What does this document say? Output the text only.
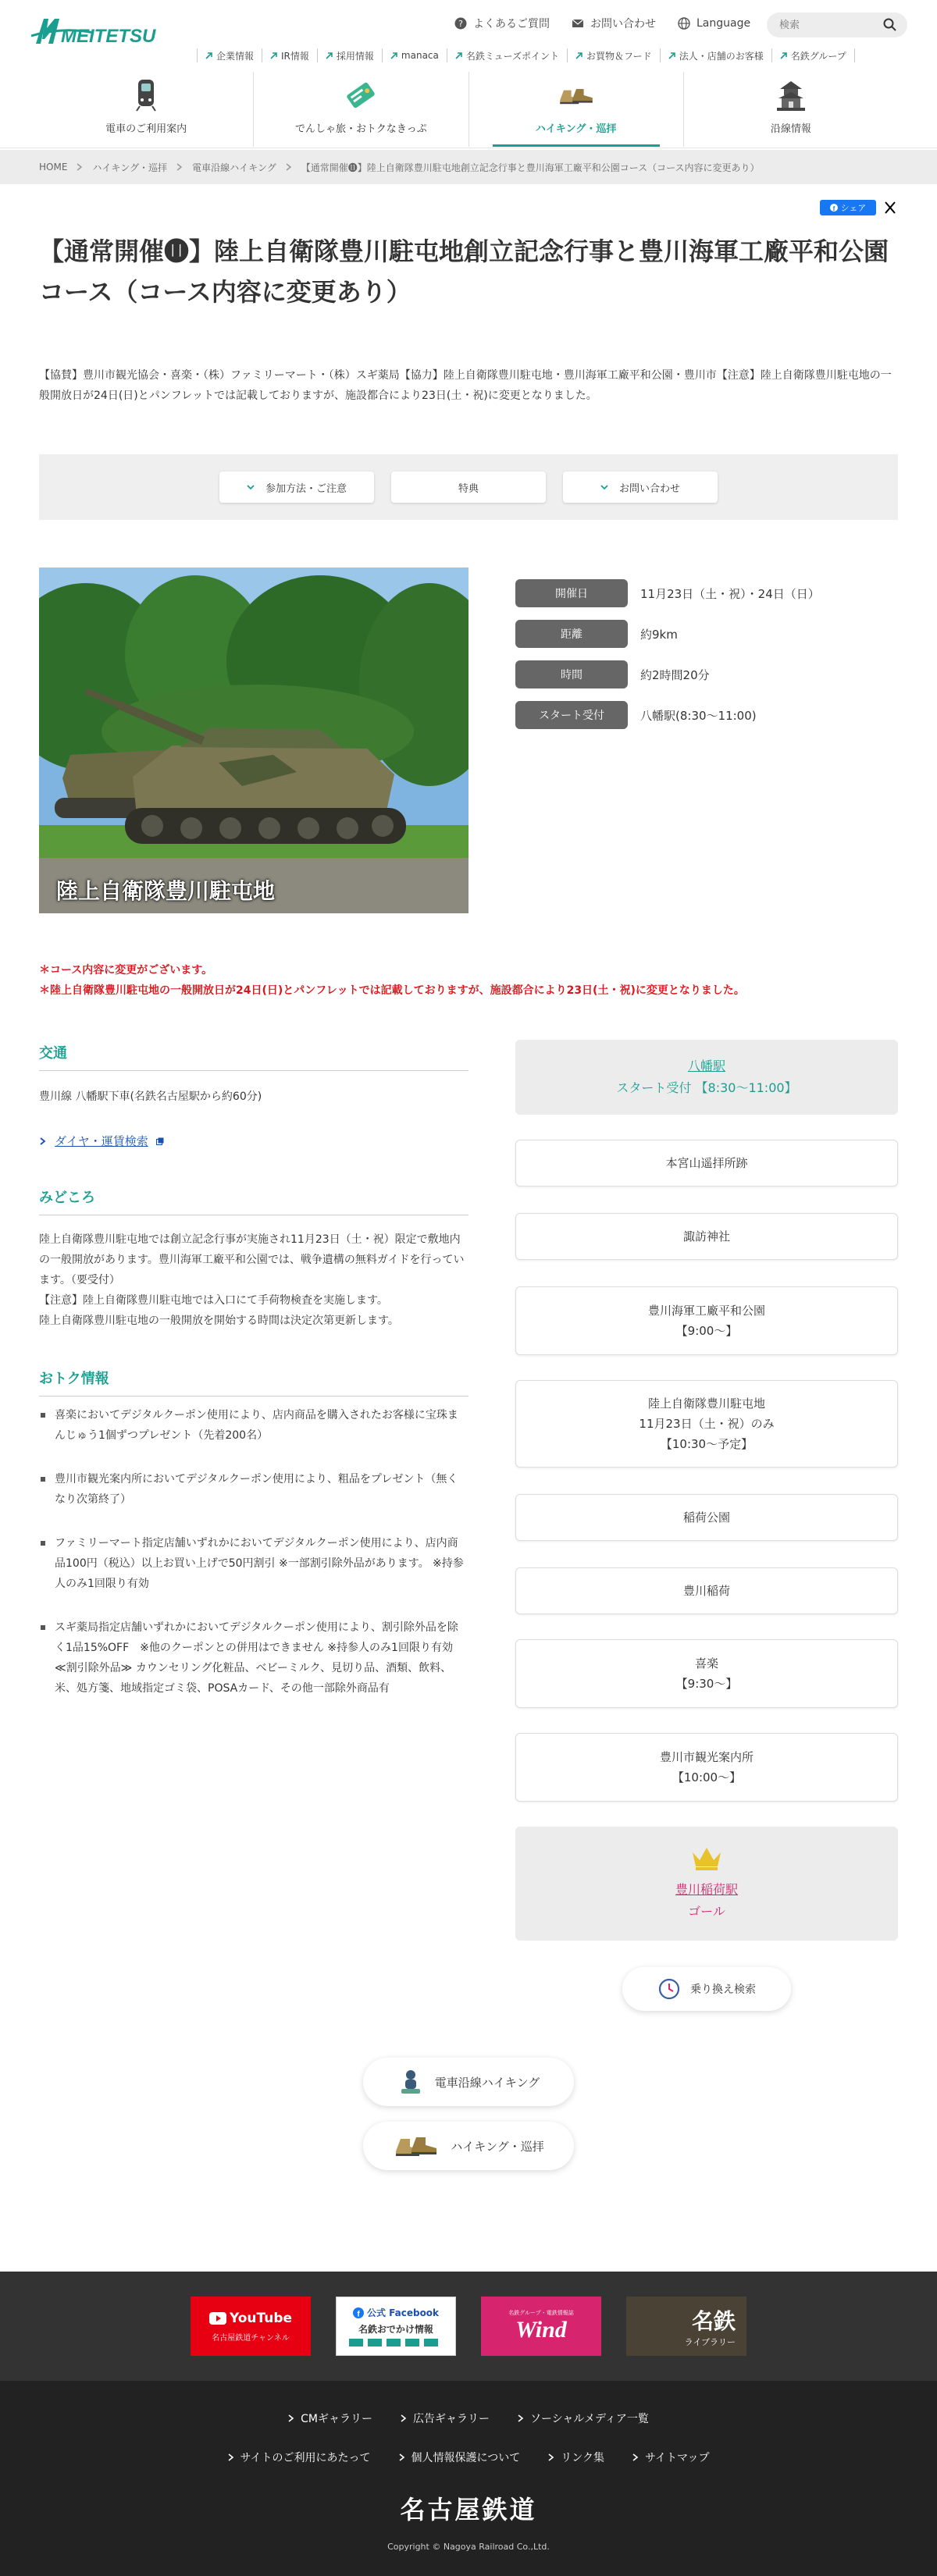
MEITETSU
? よくあるご質問	お問い合わせ	Language
検索
企業情報	IR情報	採用情報	manaca	名鉄ミューズポイント	お買物＆フード	法人・店舗のお客様	名鉄グループ
電車のご利用案内	でんしゃ旅・おトクなきっぷ	ハイキング・巡拝	沿線情報
HOME	ハイキング・巡拝	電車沿線ハイキング	【通常開催⓫】陸上自衛隊豊川駐屯地創立記念行事と豊川海軍工廠平和公園コース（コース内容に変更あり）
f シェア
【通常開催⓫】陸上自衛隊豊川駐屯地創立記念行事と豊川海軍工廠平和公園コース（コース内容に変更あり）

【協賛】豊川市観光協会・喜楽・（株）ファミリーマート・（株）スギ薬局【協力】陸上自衛隊豊川駐屯地・豊川海軍工廠平和公園・豊川市【注意】陸上自衛隊豊川駐屯地の一般開放日が24日(日)とパンフレットでは記載しておりますが、施設都合により23日(土・祝)に変更となりました。

参加方法・ご注意	特典	お問い合わせ
陸上自衛隊豊川駐屯地
開催日	11月23日（土・祝）・24日（日）
距離	約9km
時間	約2時間20分
スタート受付	八幡駅(8:30〜11:00)
＊コース内容に変更がございます。
＊陸上自衛隊豊川駐屯地の一般開放日が24日(日)とパンフレットでは記載しておりますが、施設都合により23日(土・祝)に変更となりました。
交通

豊川線 八幡駅下車(名鉄名古屋駅から約60分)

ダイヤ・運賃検索
みどころ

陸上自衛隊豊川駐屯地では創立記念行事が実施され11月23日（土・祝）限定で敷地内の一般開放があります。豊川海軍工廠平和公園では、戦争遺構の無料ガイドを行っています。（要受付）

【注意】陸上自衛隊豊川駐屯地では入口にて手荷物検査を実施します。

陸上自衛隊豊川駐屯地の一般開放を開始する時間は決定次第更新します。

おトク情報
喜楽においてデジタルクーポン使用により、店内商品を購入されたお客様に宝珠まんじゅう1個ずつプレゼント（先着200名）
豊川市観光案内所においてデジタルクーポン使用により、粗品をプレゼント（無くなり次第終了）
ファミリーマート指定店舗いずれかにおいてデジタルクーポン使用により、店内商品100円（税込）以上お買い上げで50円割引 ※一部割引除外品があります。 ※持参人のみ1回限り有効
スギ薬局指定店舗いずれかにおいてデジタルクーポン使用により、割引除外品を除く1品15%OFF　※他のクーポンとの併用はできません ※持参人のみ1回限り有効　≪割引除外品≫ カウンセリング化粧品、ベビーミルク、見切り品、酒類、飲料、米、処方箋、地域指定ゴミ袋、POSAカード、その他一部除外商品有
八幡駅
スタート受付 【8:30〜11:00】
本宮山遥拝所跡
諏訪神社
豊川海軍工廠平和公園
【9:00〜】
陸上自衛隊豊川駐屯地
11月23日（土・祝）のみ
【10:30〜予定】
稲荷公園
豊川稲荷
喜楽
【9:30〜】
豊川市観光案内所
【10:00〜】
豊川稲荷駅
ゴール
乗り換え検索
電車沿線ハイキング
ハイキング・巡拝
YouTube
名古屋鉄道チャンネル
f 公式 Facebook
名鉄おでかけ情報
名鉄グループ・電鉄情報誌
Wind	名鉄
ライブラリー
CMギャラリー	広告ギャラリー	ソーシャルメディア一覧
サイトのご利用にあたって	個人情報保護について	リンク集	サイトマップ
名古屋鉄道
Copyright © Nagoya Railroad Co.,Ltd.
